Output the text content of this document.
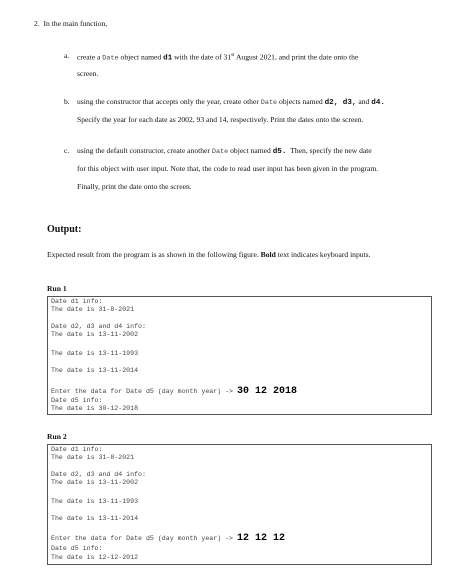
2. In the main function,
a. create a Date object named d1 with the date of 31st August 2021, and print the date onto the
screen.
b. using the constructor that accepts only the year, create other Date objects named d2, d3, and d4.
Specify the year for each date as 2002, 93 and 14, respectively. Print the dates onto the screen.
c. using the default constructor, create another Date object named d5. Then, specify the new date
for this object with user input. Note that, the code to read user input has been given in the program.
Finally, print the date onto the screen.
Output:
Expected result from the program is as shown in the following figure. Bold text indicates keyboard inputs.
Run 1
Date d1 info:
The date is 31-8-2021
Date d2, d3 and d4 info:
The date is 13-11-2002
The date is 13-11-1993
The date is 13-11-2014
Enter the data for Date d5 (day month year) -> 30 12 2018
Date d5 info:
The date is 30-12-2018
Run 2
Date d1 info:
The date is 31-8-2021
Date d2, d3 and d4 info:
The date is 13-11-2002
The date is 13-11-1993
The date is 13-11-2014
Enter the data for Date d5 (day month year) -> 12 12 12
Date d5 info:
The date is 12-12-2012
